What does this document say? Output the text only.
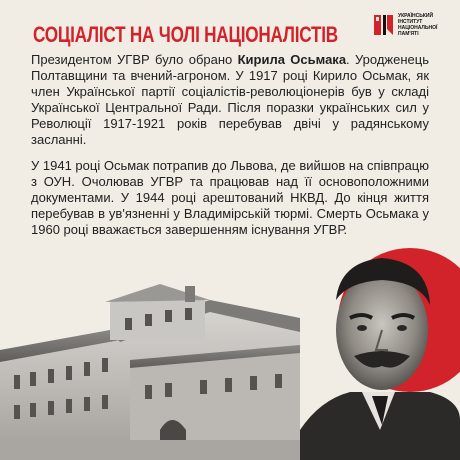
СОЦІАЛІСТ НА ЧОЛІ НАЦІОНАЛІСТІВ
УКРАЇНСЬКИЙ ІНСТИТУТ НАЦІОНАЛЬНОЇ ПАМ'ЯТІ

Президентом УГВР було обрано Кирила Осьмака. Уродженець Полтавщини та вчений-агроном. У 1917 році Кирило Осьмак, як член Української партії соціалістів-революціонерів був у складі Української Центральної Ради. Після поразки українських сил у Революції 1917-1921 років перебував двічі у радянському засланні.

У 1941 році Осьмак потрапив до Львова, де вийшов на співпрацю з ОУН. Очолював УГВР та працював над її основоположними документами. У 1944 році арештований НКВД. До кінця життя перебував в ув'язненні у Владимірській тюрмі. Смерть Осьмака у 1960 році вважається завершенням існування УГВР.
